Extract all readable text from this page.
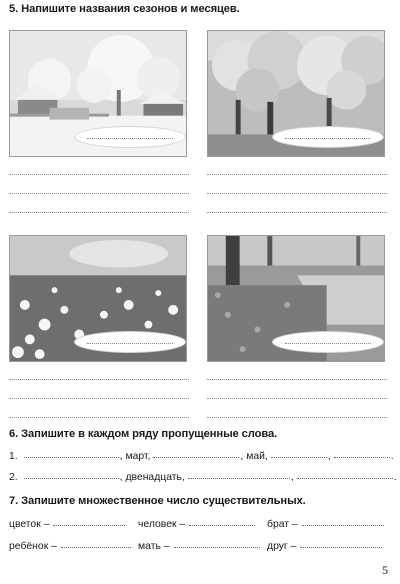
5. Напишите названия сезонов и месяцев.
6. Запишите в каждом ряду пропущенные слова.
1.	, март,	, май,	,	.
2.	, двенадцать,	,	.
7. Запишите множественное число существительных.
цветок –	человек –	брат –
ребёнок –	мать –	друг –
5
